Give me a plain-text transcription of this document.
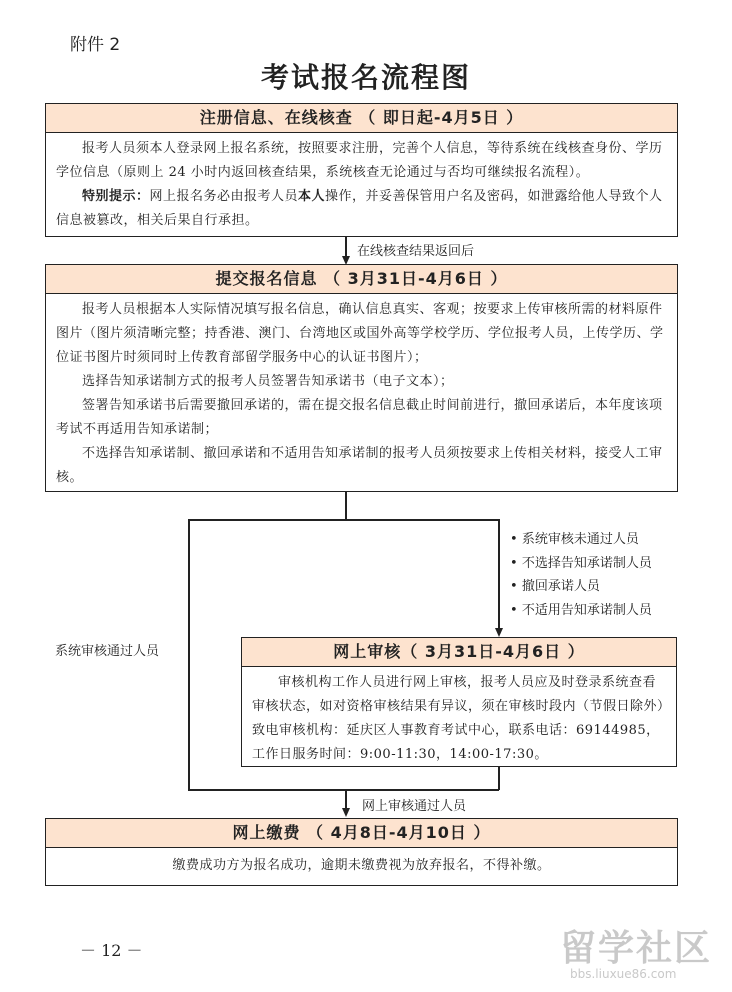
附件 2
考试报名流程图
注册信息、在线核查 （ 即日起-4月5日 ）

报考人员须本人登录网上报名系统，按照要求注册，完善个人信息，等待系统在线核查身份、学历学位信息（原则上 24 小时内返回核查结果，系统核查无论通过与否均可继续报名流程）。

特别提示：网上报名务必由报考人员本人操作，并妥善保管用户名及密码，如泄露给他人导致个人信息被篡改，相关后果自行承担。

在线核查结果返回后
提交报名信息 （ 3月31日-4月6日 ）

报考人员根据本人实际情况填写报名信息，确认信息真实、客观；按要求上传审核所需的材料原件图片（图片须清晰完整；持香港、澳门、台湾地区或国外高等学校学历、学位报考人员，上传学历、学位证书图片时须同时上传教育部留学服务中心的认证书图片）；

选择告知承诺制方式的报考人员签署告知承诺书（电子文本）；

签署告知承诺书后需要撤回承诺的，需在提交报名信息截止时间前进行，撤回承诺后，本年度该项考试不再适用告知承诺制；

不选择告知承诺制、撤回承诺和不适用告知承诺制的报考人员须按要求上传相关材料，接受人工审核。

系统审核通过人员
• 系统审核未通过人员
• 不选择告知承诺制人员
• 撤回承诺人员
• 不适用告知承诺制人员
网上审核（ 3月31日-4月6日 ）

审核机构工作人员进行网上审核，报考人员应及时登录系统查看审核状态，如对资格审核结果有异议，须在审核时段内（节假日除外）致电审核机构：延庆区人事教育考试中心，联系电话：69144985，工作日服务时间：9:00-11:30，14:00-17:30。

网上审核通过人员
网上缴费 （ 4月8日-4月10日 ）
缴费成功方为报名成功，逾期未缴费视为放弃报名，不得补缴。
－ 12 －	留学社区
bbs.liuxue86.com
